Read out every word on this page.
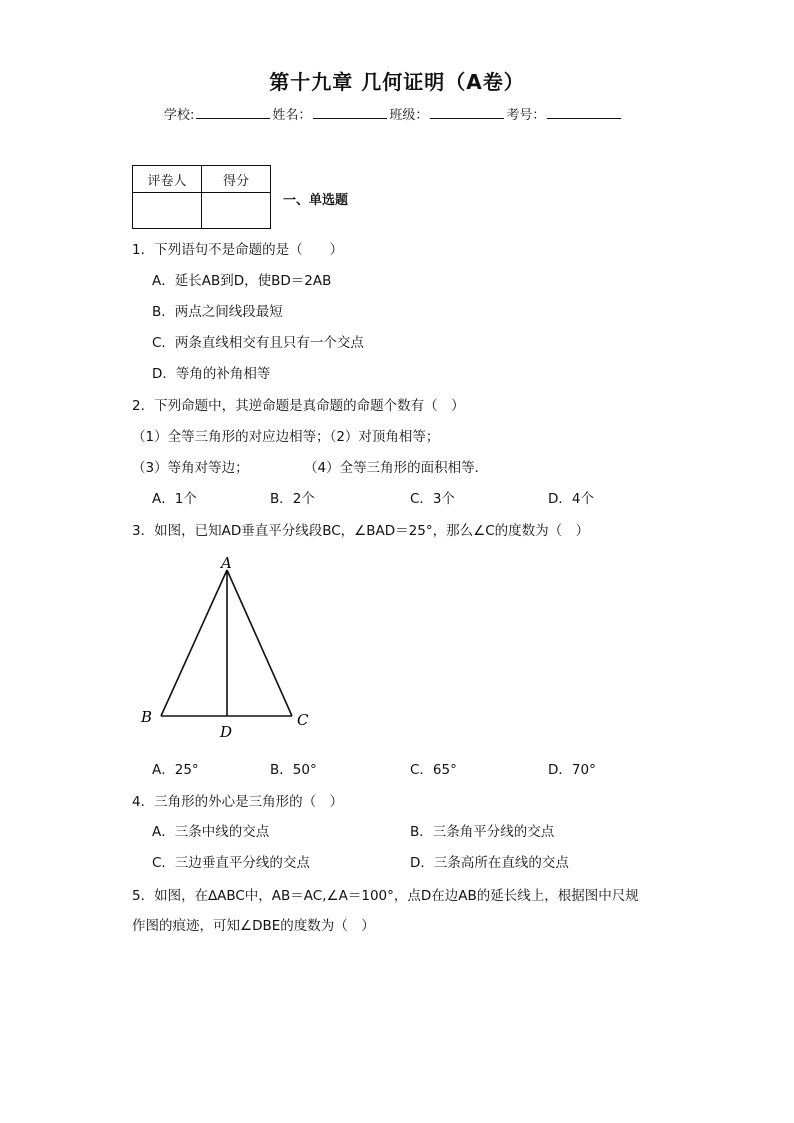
第十九章 几何证明（A卷）
学校:	姓名：	班级：	考号：
评卷人	得分

一、单选题
1．下列语句不是命题的是（　　）
A．延长AB到D，使BD＝2AB
B．两点之间线段最短
C．两条直线相交有且只有一个交点
D．等角的补角相等
2．下列命题中，其逆命题是真命题的命题个数有（　）
（1）全等三角形的对应边相等；（2）对顶角相等；
（3）等角对等边；	（4）全等三角形的面积相等．
A．1个	B．2个	C．3个	D．4个
3．如图，已知AD垂直平分线段BC，∠BAD＝25°，那么∠C的度数为（　）
A
B	C
D
A．25°	B．50°	C．65°	D．70°
4．三角形的外心是三角形的（　）
A．三条中线的交点	B．三条角平分线的交点
C．三边垂直平分线的交点	D．三条高所在直线的交点
5．如图，在∆ABC中，AB＝AC,∠A＝100°，点D在边AB的延长线上，根据图中尺规
作图的痕迹，可知∠DBE的度数为（　）
